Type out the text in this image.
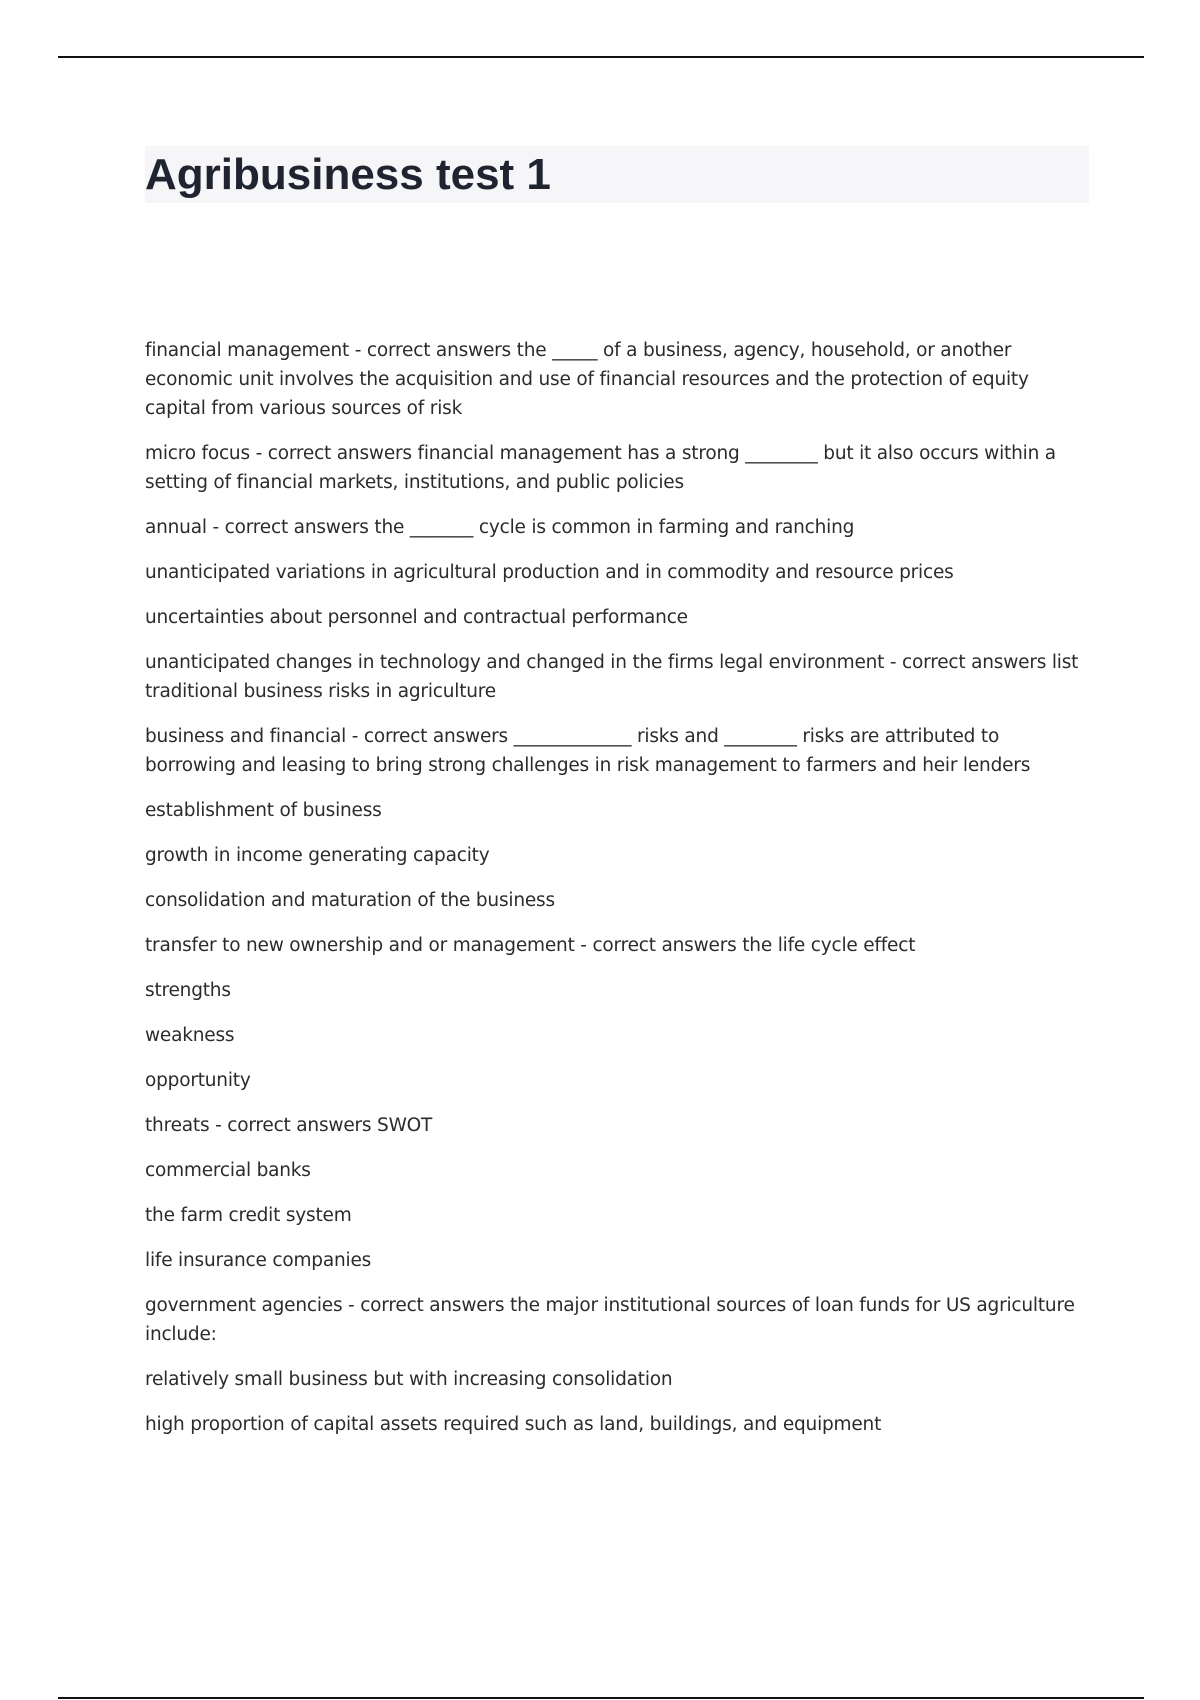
Agribusiness test 1

financial management - correct answers the _____ of a business, agency, household, or another economic unit involves the acquisition and use of financial resources and the protection of equity capital from various sources of risk

micro focus - correct answers financial management has a strong ________ but it also occurs within a setting of financial markets, institutions, and public policies

annual - correct answers the _______ cycle is common in farming and ranching

unanticipated variations in agricultural production and in commodity and resource prices

uncertainties about personnel and contractual performance

unanticipated changes in technology and changed in the firms legal environment - correct answers list traditional business risks in agriculture

business and financial - correct answers _____________ risks and ________ risks are attributed to borrowing and leasing to bring strong challenges in risk management to farmers and heir lenders

establishment of business

growth in income generating capacity

consolidation and maturation of the business

transfer to new ownership and or management - correct answers the life cycle effect

strengths

weakness

opportunity

threats - correct answers SWOT

commercial banks

the farm credit system

life insurance companies

government agencies - correct answers the major institutional sources of loan funds for US agriculture include:

relatively small business but with increasing consolidation

high proportion of capital assets required such as land, buildings, and equipment
